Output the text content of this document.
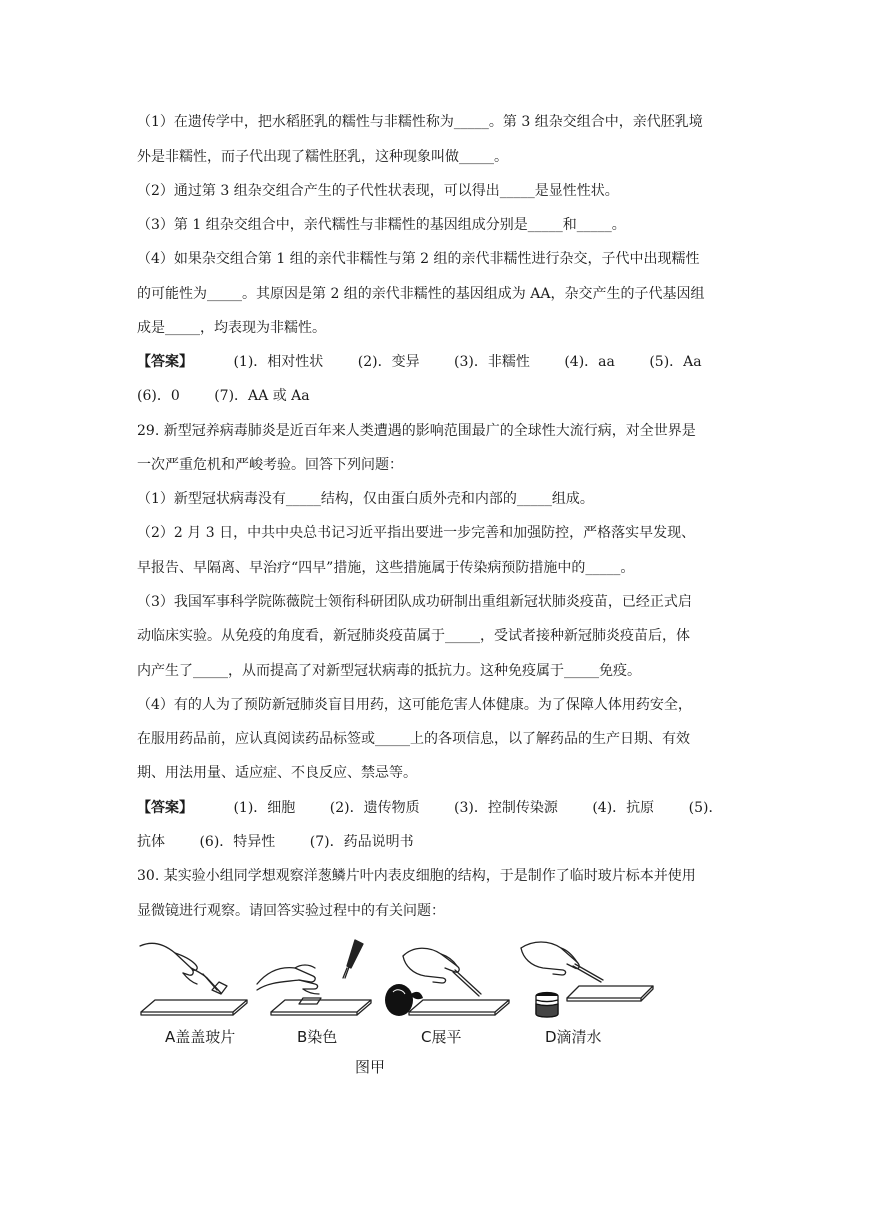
（1）在遗传学中，把水稻胚乳的糯性与非糯性称为_____。第 3 组杂交组合中，亲代胚乳境
外是非糯性，而子代出现了糯性胚乳，这种现象叫做_____。
（2）通过第 3 组杂交组合产生的子代性状表现，可以得出_____是显性性状。
（3）第 1 组杂交组合中，亲代糯性与非糯性的基因组成分别是_____和_____。
（4）如果杂交组合第 1 组的亲代非糯性与第 2 组的亲代非糯性进行杂交，子代中出现糯性
的可能性为_____。其原因是第 2 组的亲代非糯性的基因组成为 AA，杂交产生的子代基因组
成是_____，均表现为非糯性。
【答案】	(1)．相对性状 (2)．变异 (3)．非糯性 (4)．aa (5)．Aa
(6)．0 (7)．AA 或 Aa
29. 新型冠养病毒肺炎是近百年来人类遭遇的影响范围最广的全球性大流行病，对全世界是
一次严重危机和严峻考验。回答下列问题：
（1）新型冠状病毒没有_____结构，仅由蛋白质外壳和内部的_____组成。
（2）2 月 3 日，中共中央总书记习近平指出要进一步完善和加强防控，严格落实早发现、
早报告、早隔离、早治疗“四早”措施，这些措施属于传染病预防措施中的_____。
（3）我国军事科学院陈薇院士领衔科研团队成功研制出重组新冠状肺炎疫苗，已经正式启
动临床实验。从免疫的角度看，新冠肺炎疫苗属于_____，受试者接种新冠肺炎疫苗后，体
内产生了_____，从而提高了对新型冠状病毒的抵抗力。这种免疫属于_____免疫。
（4）有的人为了预防新冠肺炎盲目用药，这可能危害人体健康。为了保障人体用药安全，
在服用药品前，应认真阅读药品标签或_____上的各项信息，以了解药品的生产日期、有效
期、用法用量、适应症、不良反应、禁忌等。
【答案】	(1)．细胞 (2)．遗传物质 (3)．控制传染源 (4)．抗原 (5)．
抗体 (6)．特异性 (7)．药品说明书
30. 某实验小组同学想观察洋葱鳞片叶内表皮细胞的结构，于是制作了临时玻片标本并使用
显微镜进行观察。请回答实验过程中的有关问题：
A盖盖玻片	B染色	C展平	D滴清水
图甲
